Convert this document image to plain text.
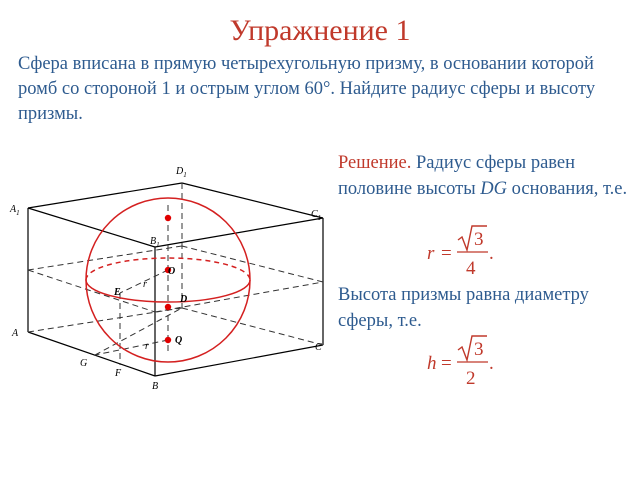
Упражнение 1
Сфера вписана в прямую четырехугольную призму, в основании которой ромб со стороной 1 и острым углом 60°. Найдите радиус сферы и высоту призмы.
Решение. Радиус сферы равен половине высоты DG основания, т.е.
r =
3
4
.
Высота призмы равна диаметру сферы, т.е.
h =
3
2
.
$A_1$
$B_1$
$C_1$
$D_1$
A
B
C
D
E
F
G
O
Q
r
r
